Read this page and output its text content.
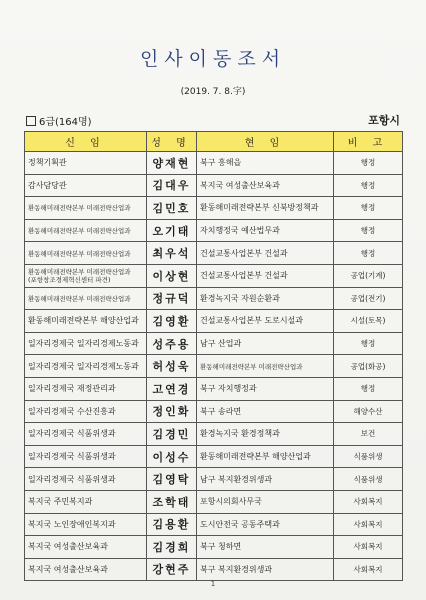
인사이동조서
(2019. 7. 8.字)
6급(164명)	포항시
신 임	성 명	현 임	비 고
정책기획관	양재현	북구 흥해읍	행정
감사담당관	김대우	복지국 여성출산보육과	행정
환동해미래전략본부 미래전략산업과	김민호	환동해미래전략본부 신북방정책과	행정
환동해미래전략본부 미래전략산업과	오기태	자치행정국 예산법무과	행정
환동해미래전략본부 미래전략산업과	최우석	건설교통사업본부 건설과	행정

환동해미래전략본부 미래전략산업과
(포항창조경제혁신센터 파견)	이상현	건설교통사업본부 건설과	공업(기계)
환동해미래전략본부 미래전략산업과	정규덕	환경녹지국 자원순환과	공업(전기)
환동해미래전략본부 해양산업과	김영환	건설교통사업본부 도로시설과	시설(토목)
일자리경제국 일자리경제노동과	성주용	남구 산업과	행정
일자리경제국 일자리경제노동과	허성욱	환동해미래전략본부 미래전략산업과	공업(화공)
일자리경제국 재정관리과	고연경	북구 자치행정과	행정
일자리경제국 수산진흥과	정인화	북구 송라면	해양수산
일자리경제국 식품위생과	김경민	환경녹지국 환경정책과	보건
일자리경제국 식품위생과	이성수	환동해미래전략본부 해양산업과	식품위생
일자리경제국 식품위생과	김영탁	남구 복지환경위생과	식품위생
복지국 주민복지과	조학태	포항시의회사무국	사회복지
복지국 노인장애인복지과	김용환	도시안전국 공동주택과	사회복지
복지국 여성출산보육과	김경희	북구 청하면	사회복지
복지국 여성출산보육과	강현주	북구 복지환경위생과	사회복지
1
